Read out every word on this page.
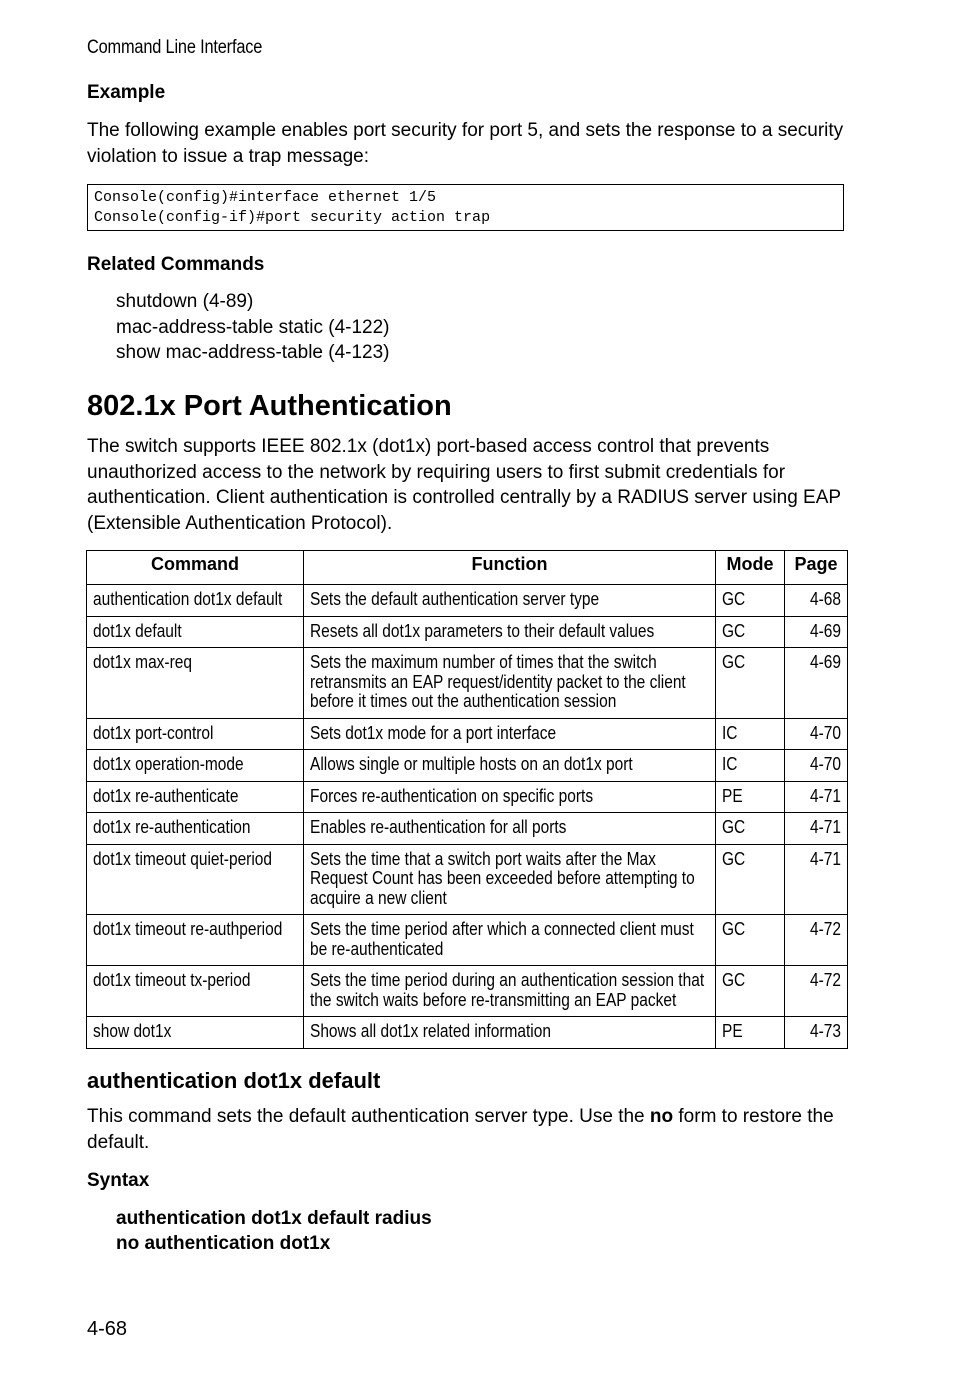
Command Line Interface
Example
The following example enables port security for port 5, and sets the response to a security violation to issue a trap message:
Console(config)#interface ethernet 1/5
Console(config-if)#port security action trap
Related Commands
shutdown (4-89)
mac-address-table static (4-122)
show mac-address-table (4-123)
802.1x Port Authentication
The switch supports IEEE 802.1x (dot1x) port-based access control that prevents unauthorized access to the network by requiring users to first submit credentials for authentication. Client authentication is controlled centrally by a RADIUS server using EAP (Extensible Authentication Protocol).
Command	Function	Mode	Page

authentication dot1x default	Sets the default authentication server type	GC	4-68

dot1x default	Resets all dot1x parameters to their default values	GC	4-69

dot1x max-req	Sets the maximum number of times that the switch retransmits an EAP request/identity packet to the client before it times out the authentication session	GC	4-69

dot1x port-control	Sets dot1x mode for a port interface	IC	4-70

dot1x operation-mode	Allows single or multiple hosts on an dot1x port	IC	4-70

dot1x re-authenticate	Forces re-authentication on specific ports	PE	4-71

dot1x re-authentication	Enables re-authentication for all ports	GC	4-71

dot1x timeout quiet-period	Sets the time that a switch port waits after the Max Request Count has been exceeded before attempting to acquire a new client	GC	4-71

dot1x timeout re-authperiod	Sets the time period after which a connected client must be re-authenticated	GC	4-72

dot1x timeout tx-period	Sets the time period during an authentication session that the switch waits before re-transmitting an EAP packet	GC	4-72

show dot1x	Shows all dot1x related information	PE	4-73
authentication dot1x default
This command sets the default authentication server type. Use the no form to restore the default.
Syntax
authentication dot1x default radius
no authentication dot1x
4-68
